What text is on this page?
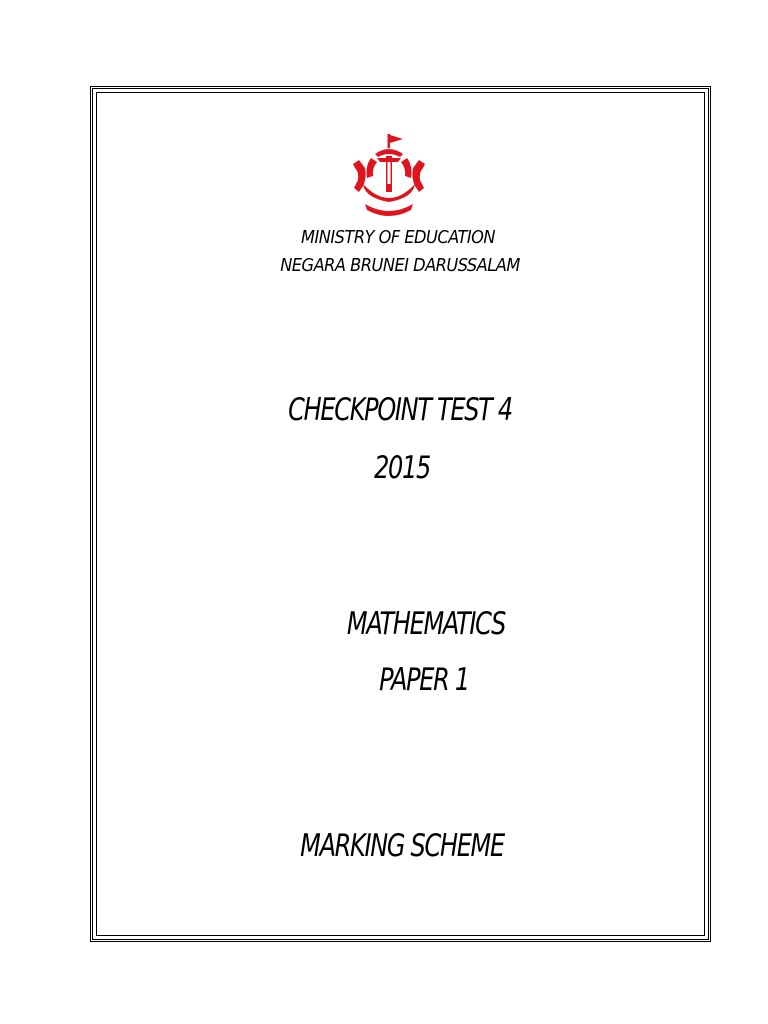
MINISTRY OF EDUCATION
NEGARA BRUNEI DARUSSALAM
CHECKPOINT TEST 4
2015
MATHEMATICS
PAPER 1
MARKING SCHEME
